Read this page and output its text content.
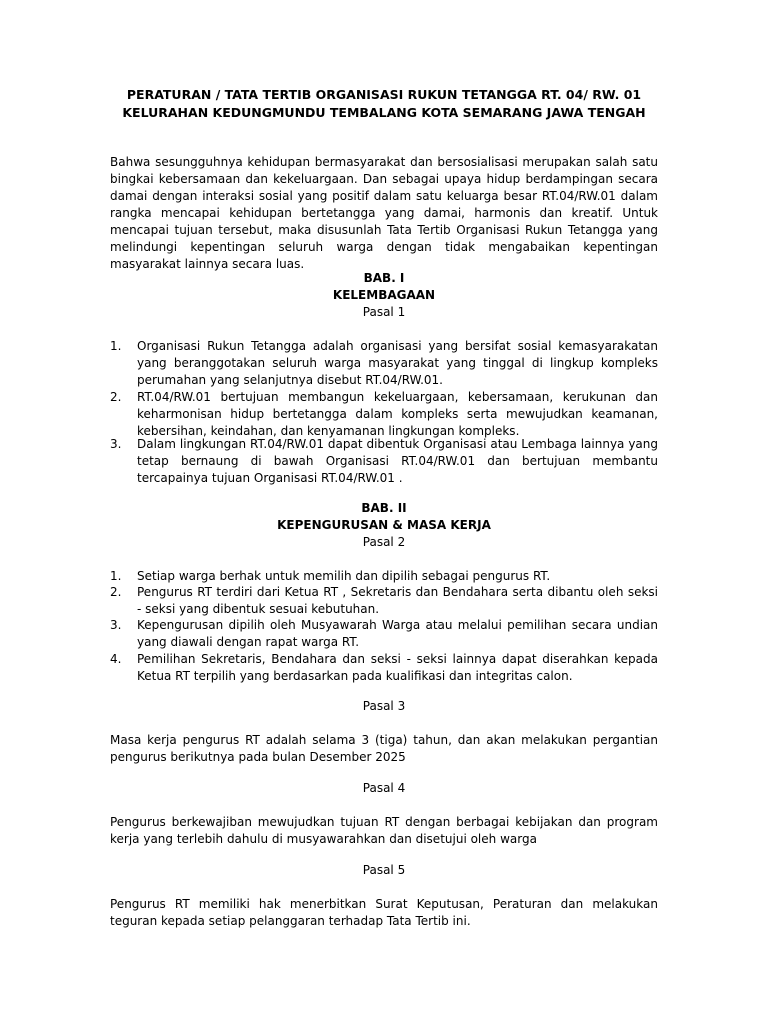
PERATURAN / TATA TERTIB ORGANISASI RUKUN TETANGGA RT. 04/ RW. 01
KELURAHAN KEDUNGMUNDU TEMBALANG KOTA SEMARANG JAWA TENGAH
Bahwa sesungguhnya kehidupan bermasyarakat dan bersosialisasi merupakan salah satu bingkai kebersamaan dan kekeluargaan. Dan sebagai upaya hidup berdampingan secara damai dengan interaksi sosial yang positif dalam satu keluarga besar RT.04/RW.01 dalam rangka mencapai kehidupan bertetangga yang damai, harmonis dan kreatif. Untuk mencapai tujuan tersebut, maka disusunlah Tata Tertib Organisasi Rukun Tetangga yang melindungi kepentingan seluruh warga dengan tidak mengabaikan kepentingan masyarakat lainnya secara luas.
BAB. I
KELEMBAGAAN
Pasal 1
1. Organisasi Rukun Tetangga adalah organisasi yang bersifat sosial kemasyarakatan yang beranggotakan seluruh warga masyarakat yang tinggal di lingkup kompleks perumahan yang selanjutnya disebut RT.04/RW.01.
2. RT.04/RW.01 bertujuan membangun kekeluargaan, kebersamaan, kerukunan dan keharmonisan hidup bertetangga dalam kompleks serta mewujudkan keamanan, kebersihan, keindahan, dan kenyamanan lingkungan kompleks.
3. Dalam lingkungan RT.04/RW.01 dapat dibentuk Organisasi atau Lembaga lainnya yang tetap bernaung di bawah Organisasi RT.04/RW.01 dan bertujuan membantu tercapainya tujuan Organisasi RT.04/RW.01 .
BAB. II
KEPENGURUSAN & MASA KERJA
Pasal 2
1. Setiap warga berhak untuk memilih dan dipilih sebagai pengurus RT.
2. Pengurus RT terdiri dari Ketua RT , Sekretaris dan Bendahara serta dibantu oleh seksi - seksi yang dibentuk sesuai kebutuhan.
3. Kepengurusan dipilih oleh Musyawarah Warga atau melalui pemilihan secara undian yang diawali dengan rapat warga RT.
4. Pemilihan Sekretaris, Bendahara dan seksi - seksi lainnya dapat diserahkan kepada Ketua RT terpilih yang berdasarkan pada kualifikasi dan integritas calon.
Pasal 3
Masa kerja pengurus RT adalah selama 3 (tiga) tahun, dan akan melakukan pergantian pengurus berikutnya pada bulan Desember 2025
Pasal 4
Pengurus berkewajiban mewujudkan tujuan RT dengan berbagai kebijakan dan program kerja yang terlebih dahulu di musyawarahkan dan disetujui oleh warga
Pasal 5
Pengurus RT memiliki hak menerbitkan Surat Keputusan, Peraturan dan melakukan teguran kepada setiap pelanggaran terhadap Tata Tertib ini.
